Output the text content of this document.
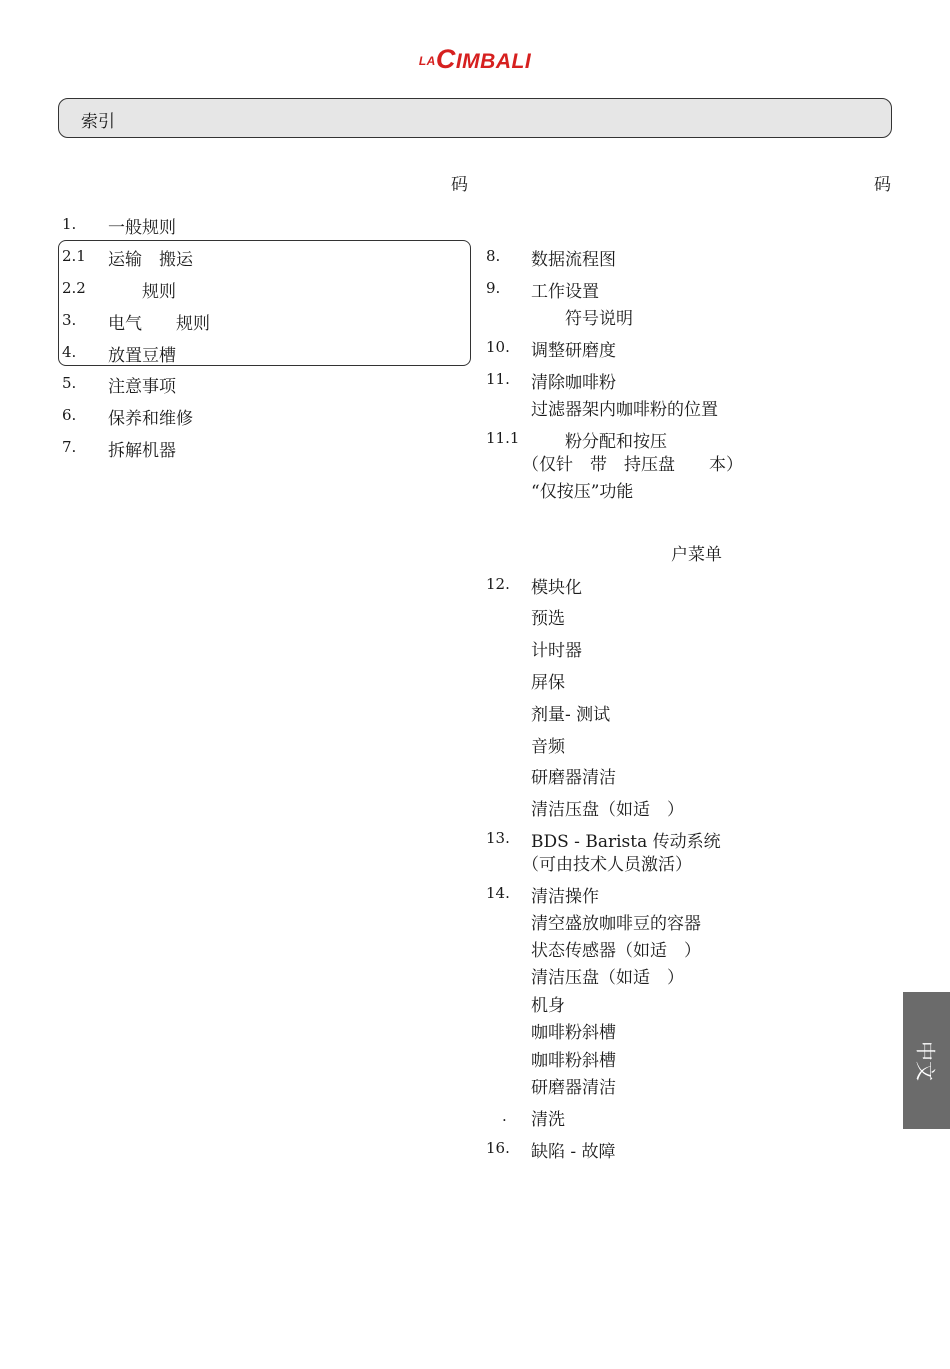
LACIMBALI
索引
码	码
1. 一般规则
2.1 运输　搬运
2.2 　　规则
3. 电气　　规则
4. 放置豆槽
5. 注意事项
6. 保养和维修
7. 拆解机器
8. 数据流程图
9. 工作设置
　　符号说明
10. 调整研磨度
11. 清除咖啡粉
过滤器架内咖啡粉的位置
11.1 　　粉分配和按压
（仅针　带　持压盘　　本）
“仅按压”功能
户菜单
12. 模块化
预选
计时器
屏保
剂量- 测试
音频
研磨器清洁
清洁压盘（如适　）
13. BDS - Barista 传动系统
（可由技术人员激活）
14. 清洁操作
清空盛放咖啡豆的容器
状态传感器（如适　）
清洁压盘（如适　）
机身
咖啡粉斜槽
咖啡粉斜槽
研磨器清洁
. 清洗
16. 缺陷 - 故障
中文
